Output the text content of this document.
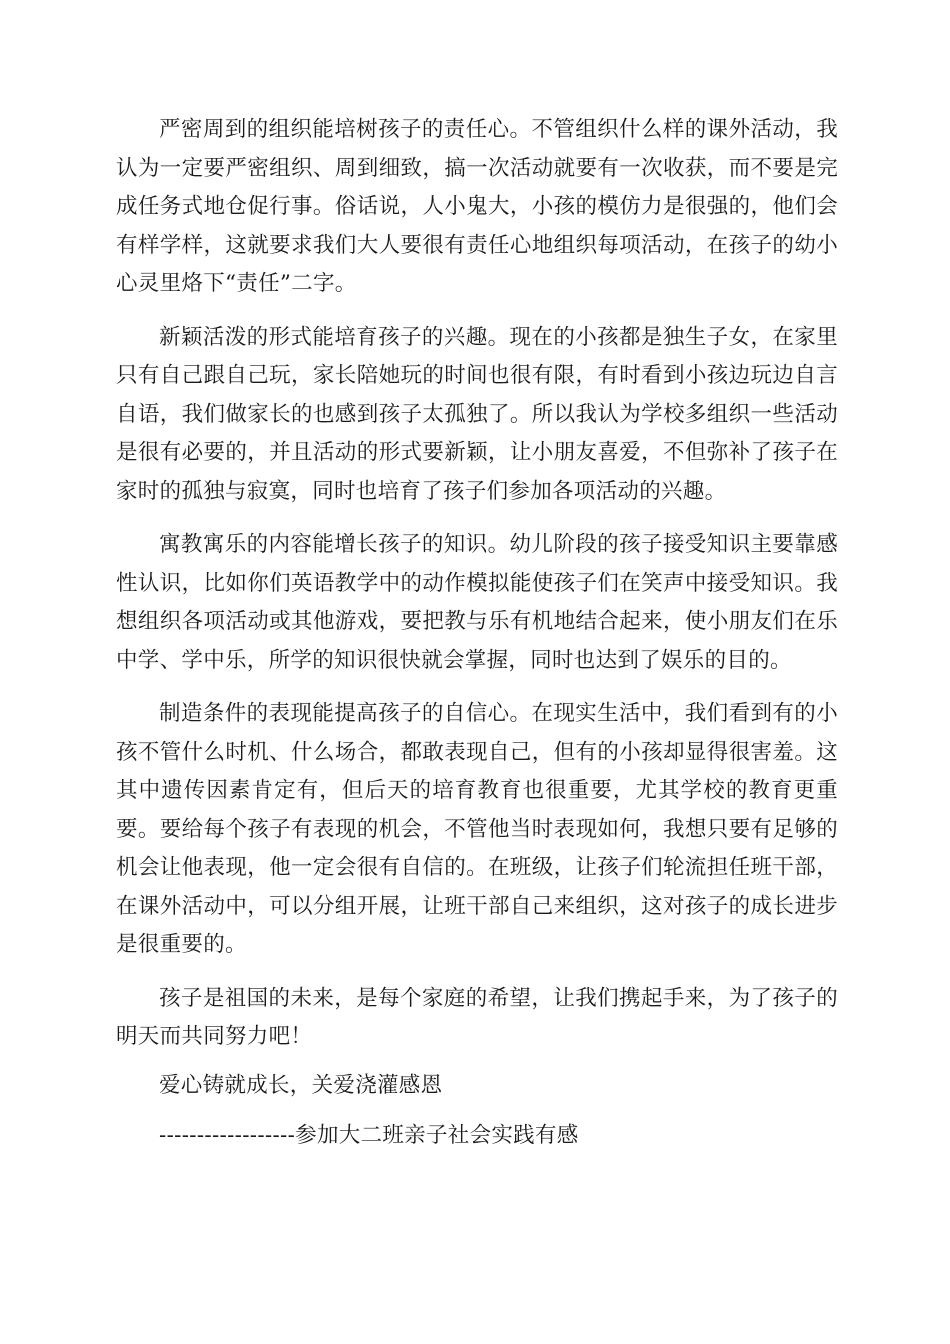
严密周到的组织能培树孩子的责任心。不管组织什么样的课外活动，我认为一定要严密组织、周到细致，搞一次活动就要有一次收获，而不要是完成任务式地仓促行事。俗话说，人小鬼大，小孩的模仿力是很强的，他们会有样学样，这就要求我们大人要很有责任心地组织每项活动，在孩子的幼小心灵里烙下“责任”二字。

新颖活泼的形式能培育孩子的兴趣。现在的小孩都是独生子女，在家里只有自己跟自己玩，家长陪她玩的时间也很有限，有时看到小孩边玩边自言自语，我们做家长的也感到孩子太孤独了。所以我认为学校多组织一些活动是很有必要的，并且活动的形式要新颖，让小朋友喜爱，不但弥补了孩子在家时的孤独与寂寞，同时也培育了孩子们参加各项活动的兴趣。

寓教寓乐的内容能增长孩子的知识。幼儿阶段的孩子接受知识主要靠感性认识，比如你们英语教学中的动作模拟能使孩子们在笑声中接受知识。我想组织各项活动或其他游戏，要把教与乐有机地结合起来，使小朋友们在乐中学、学中乐，所学的知识很快就会掌握，同时也达到了娱乐的目的。

制造条件的表现能提高孩子的自信心。在现实生活中，我们看到有的小孩不管什么时机、什么场合，都敢表现自己，但有的小孩却显得很害羞。这其中遗传因素肯定有，但后天的培育教育也很重要，尤其学校的教育更重要。要给每个孩子有表现的机会，不管他当时表现如何，我想只要有足够的机会让他表现，他一定会很有自信的。在班级，让孩子们轮流担任班干部，在课外活动中，可以分组开展，让班干部自己来组织，这对孩子的成长进步是很重要的。

孩子是祖国的未来，是每个家庭的希望，让我们携起手来，为了孩子的明天而共同努力吧！

爱心铸就成长，关爱浇灌感恩

------------------参加大二班亲子社会实践有感
